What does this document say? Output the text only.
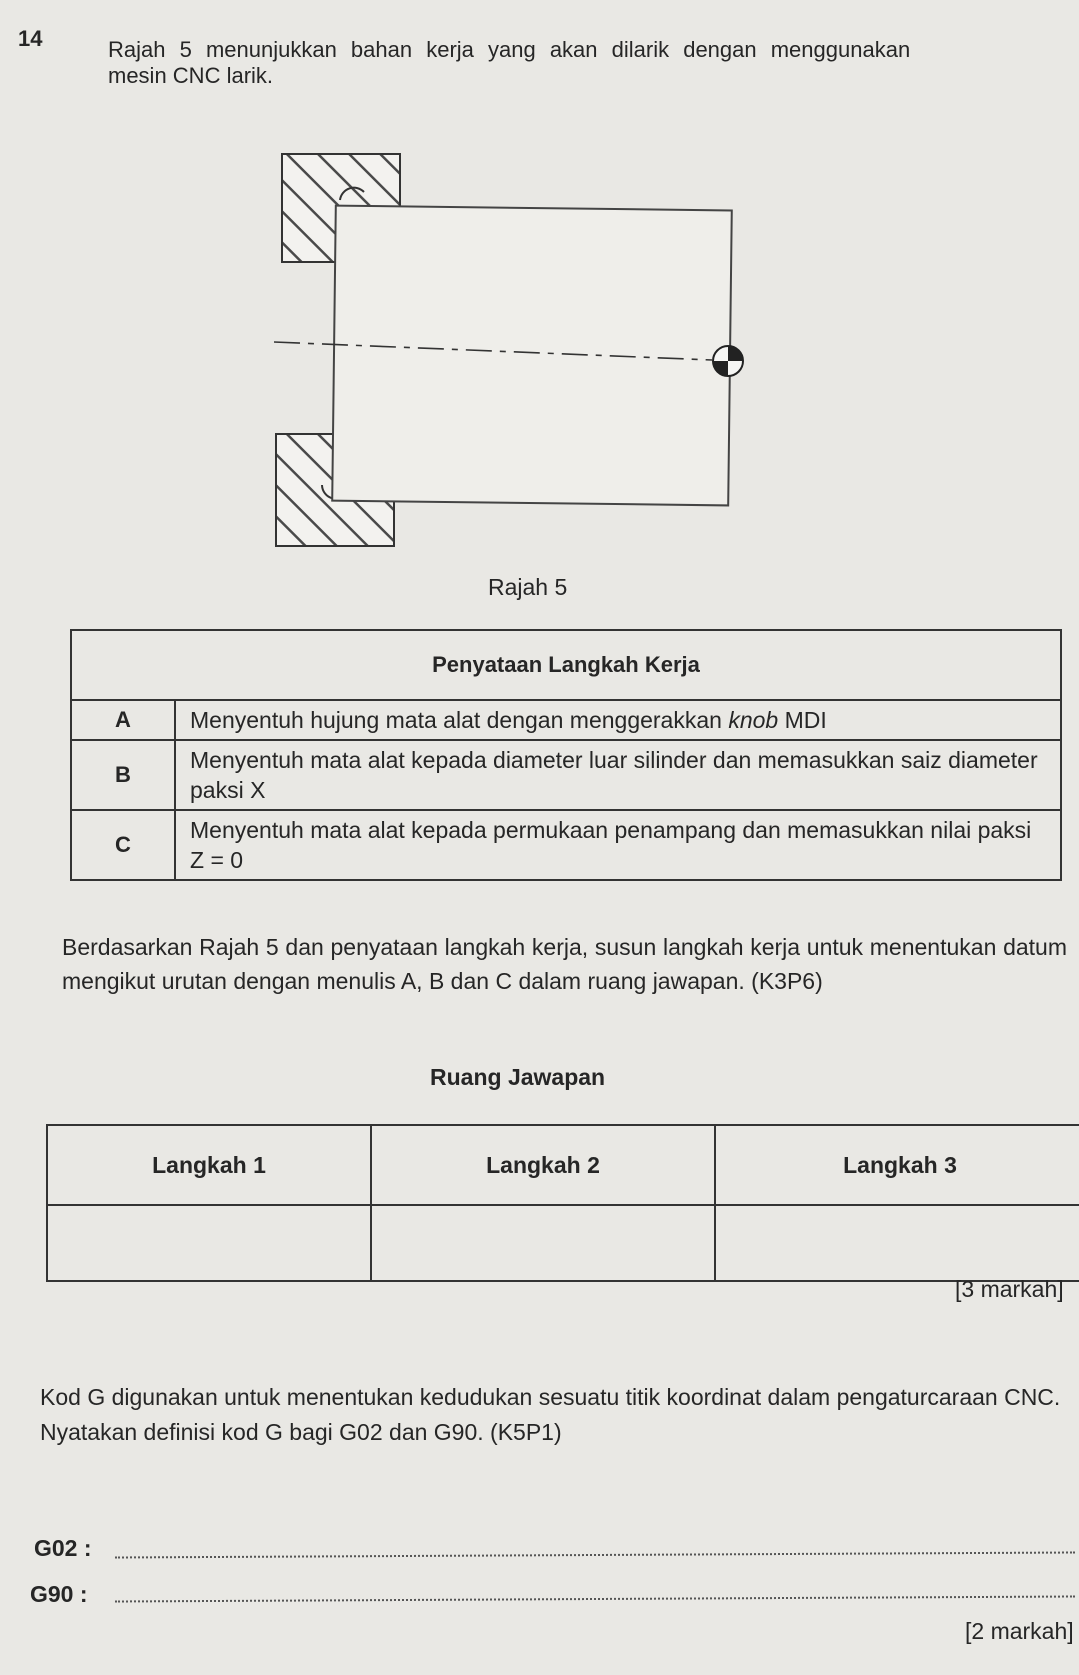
14	Rajah 5 menunjukkan bahan kerja yang akan dilarik dengan menggunakan
mesin CNC larik.
Rajah 5
Penyataan Langkah Kerja	
A	Menyentuh hujung mata alat dengan menggerakkan knob MDI
B	Menyentuh mata alat kepada diameter luar silinder dan memasukkan saiz diameter paksi X
C	Menyentuh mata alat kepada permukaan penampang dan memasukkan nilai paksi Z = 0
Berdasarkan Rajah 5 dan penyataan langkah kerja, susun langkah kerja untuk menentukan datum mengikut urutan dengan menulis A, B dan C dalam ruang jawapan. (K3P6)
Ruang Jawapan
Langkah 1	Langkah 2	Langkah 3

[3 markah]
Kod G digunakan untuk menentukan kedudukan sesuatu titik koordinat dalam pengaturcaraan CNC.
Nyatakan definisi kod G bagi G02 dan G90. (K5P1)
G02 :
G90 :
[2 markah]
